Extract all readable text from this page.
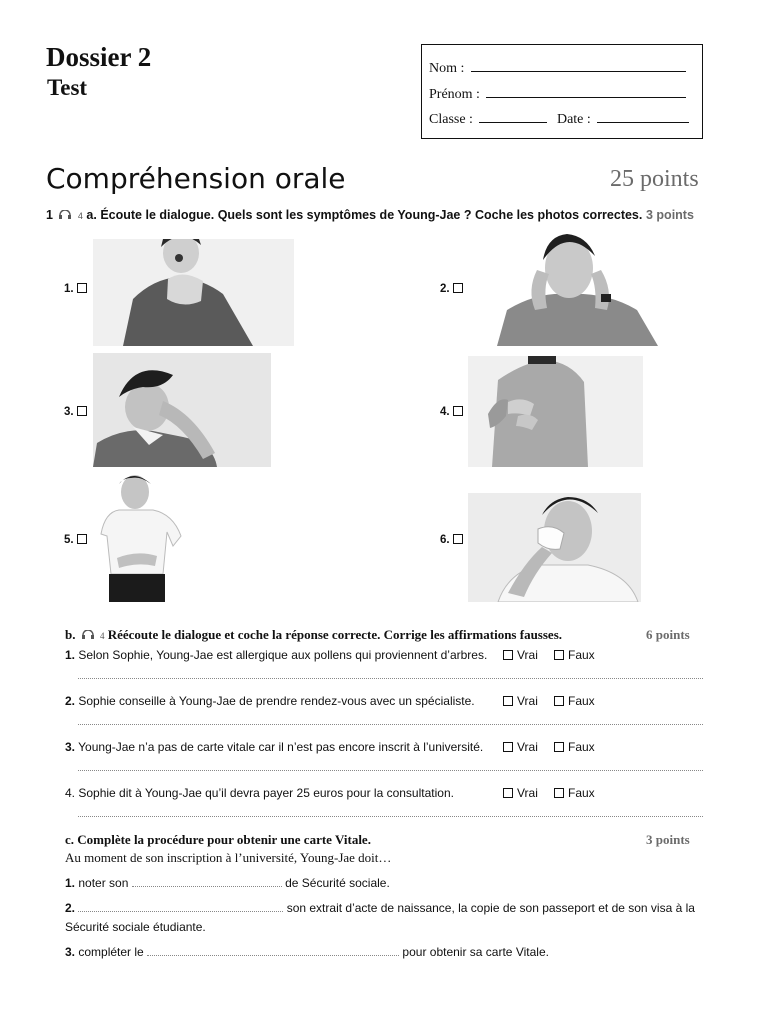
Dossier 2
Test
Nom :
Prénom :
Classe :	Date :
Compréhension orale	25 points
1	4 a. Écoute le dialogue. Quels sont les symptômes de Young-Jae ? Coche les photos correctes. 3 points
1.	2.
3.	4.
5.	6.
b.	4 Réécoute le dialogue et coche la réponse correcte. Corrige les affirmations fausses.	6 points
1. Selon Sophie, Young-Jae est allergique aux pollens qui proviennent d’arbres.	Vrai	Faux
2. Sophie conseille à Young-Jae de prendre rendez-vous avec un spécialiste.	Vrai	Faux
3. Young-Jae n’a pas de carte vitale car il n’est pas encore inscrit à l’université.	Vrai	Faux
4. Sophie dit à Young-Jae qu’il devra payer 25 euros pour la consultation.	Vrai	Faux
c. Complète la procédure pour obtenir une carte Vitale.	3 points
Au moment de son inscription à l’université, Young-Jae doit…
1. noter son	de Sécurité sociale.
2.	son extrait d’acte de naissance, la copie de son passeport et de son visa à la
Sécurité sociale étudiante.
3. compléter le	pour obtenir sa carte Vitale.
